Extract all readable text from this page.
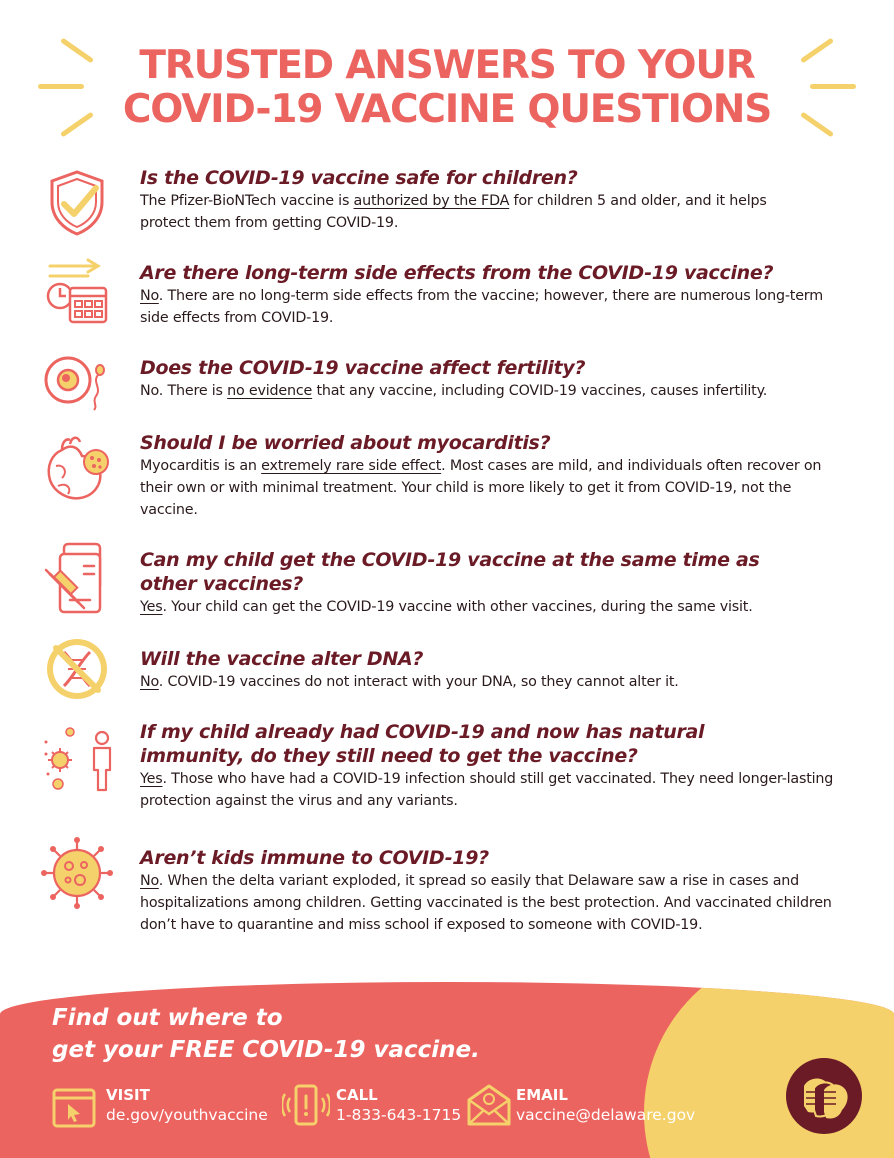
TRUSTED ANSWERS TO YOUR
COVID-19 VACCINE QUESTIONS

Is the COVID-19 vaccine safe for children?

The Pfizer-BioNTech vaccine is authorized by the FDA for children 5 and older, and it helps protect them from getting COVID-19.

Are there long-term side effects from the COVID-19 vaccine?

No. There are no long-term side effects from the vaccine; however, there are numerous long-term side effects from COVID-19.

Does the COVID-19 vaccine affect fertility?

No. There is no evidence that any vaccine, including COVID-19 vaccines, causes infertility.

Should I be worried about myocarditis?

Myocarditis is an extremely rare side effect. Most cases are mild, and individuals often recover on their own or with minimal treatment. Your child is more likely to get it from COVID-19, not the vaccine.

Can my child get the COVID-19 vaccine at the same time as other vaccines?

Yes. Your child can get the COVID-19 vaccine with other vaccines, during the same visit.

Will the vaccine alter DNA?

No. COVID-19 vaccines do not interact with your DNA, so they cannot alter it.

If my child already had COVID-19 and now has natural immunity, do they still need to get the vaccine?

Yes. Those who have had a COVID-19 infection should still get vaccinated. They need longer-lasting protection against the virus and any variants.

Aren’t kids immune to COVID-19?

No. When the delta variant exploded, it spread so easily that Delaware saw a rise in cases and hospitalizations among children. Getting vaccinated is the best protection. And vaccinated children don’t have to quarantine and miss school if exposed to someone with COVID-19.

Find out where to
get your FREE COVID-19 vaccine.

VISIT
de.gov/youthvaccine
CALL
1-833-643-1715
EMAIL
vaccine@delaware.gov
